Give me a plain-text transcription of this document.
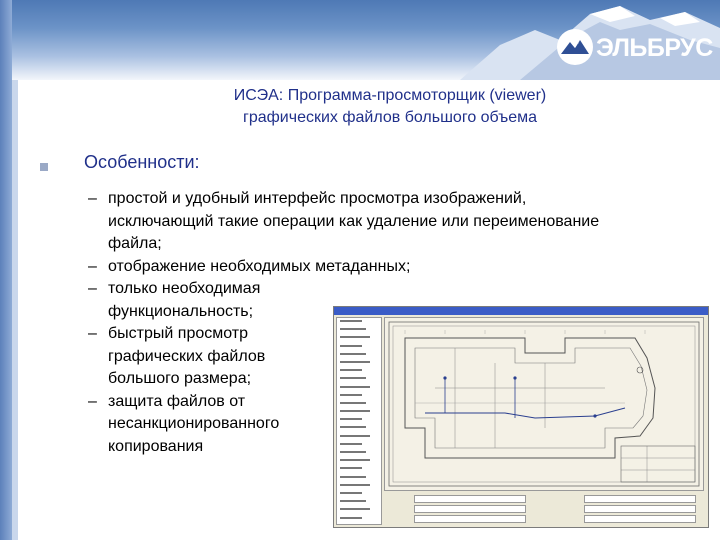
ЭЛЬБРУС
ИСЭА: Программа-просмоторщик (viewer)
графических файлов большого объема
Особенности:
– простой и удобный интерфейс просмотра изображений,
исключающий такие операции как удаление или переименование
файла;
– отображение необходимых метаданных;
– только необходимая
функциональность;
– быстрый просмотр
графических файлов
большого размера;
– защита файлов от
несанкционированного
копирования
